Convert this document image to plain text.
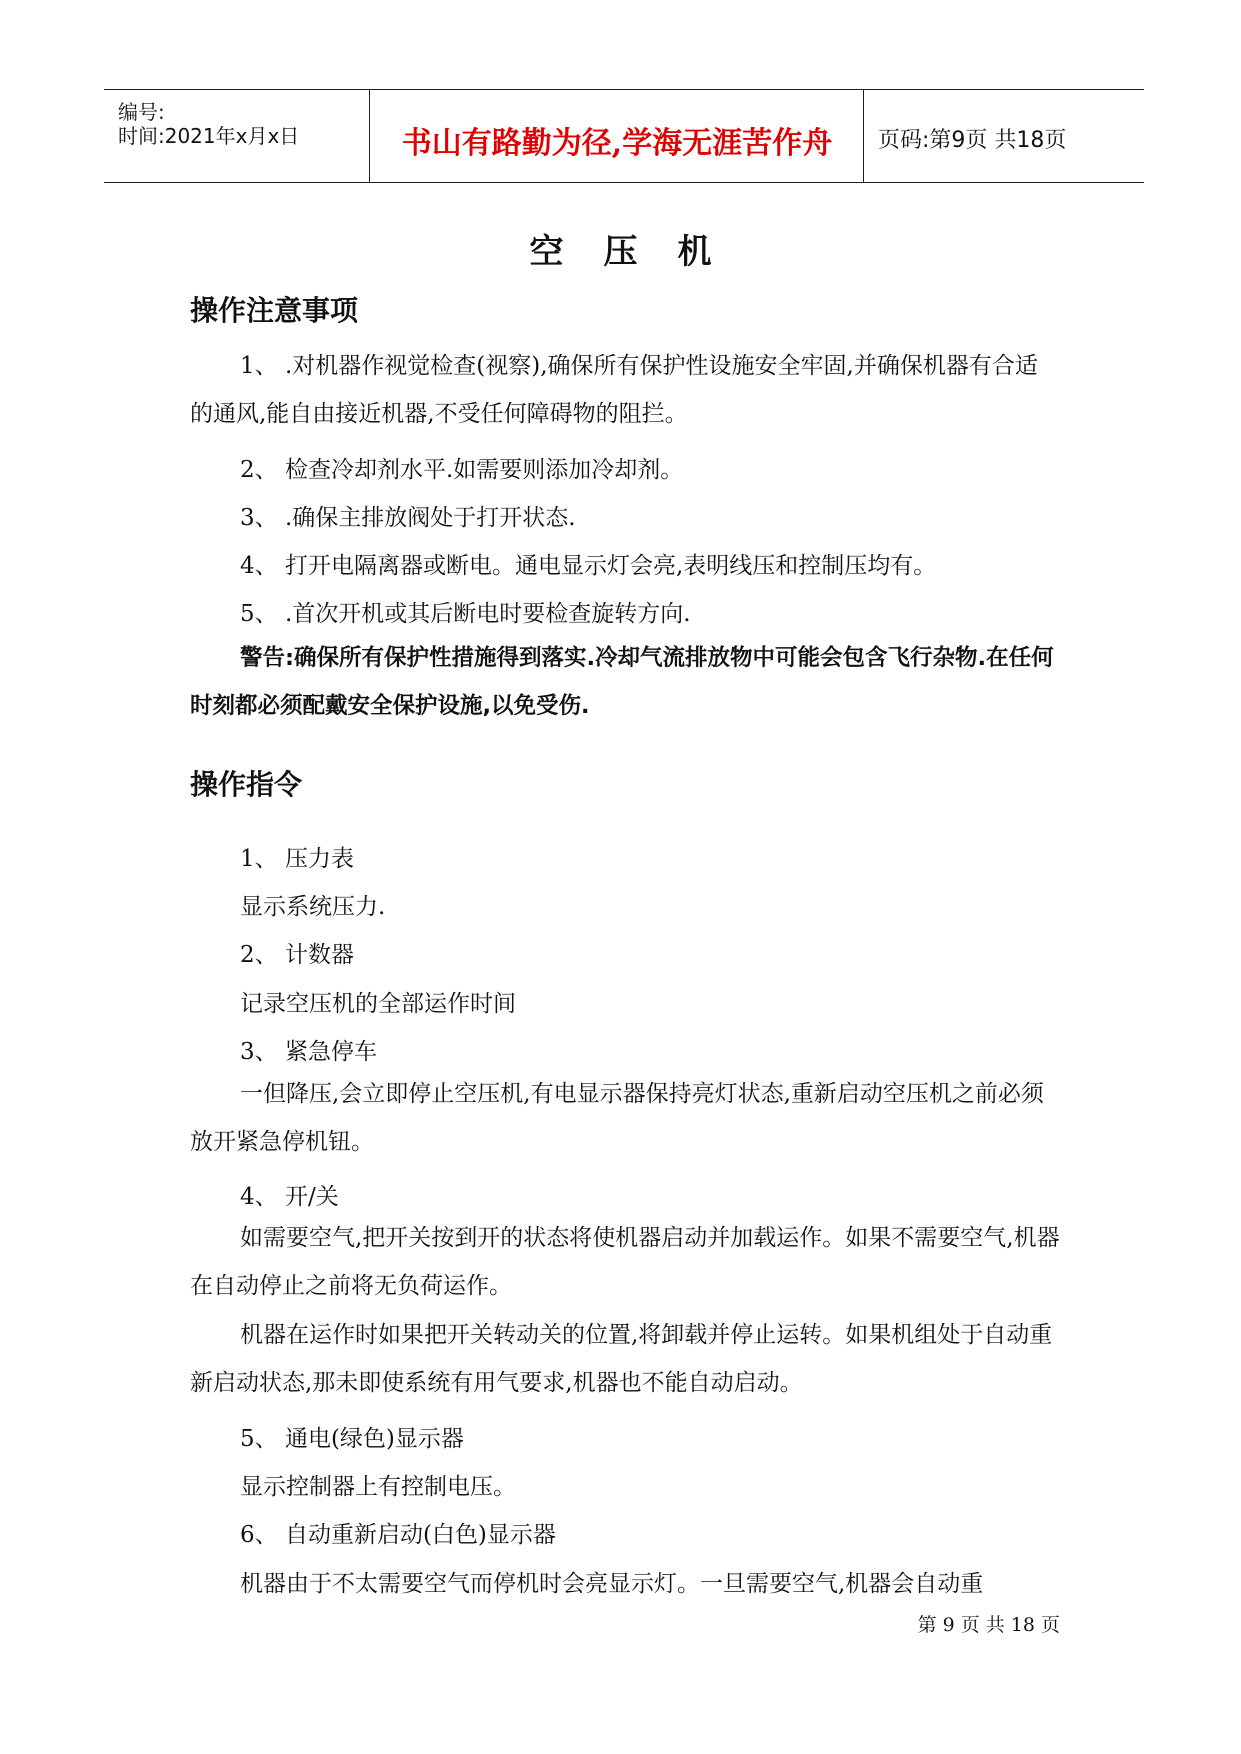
编号:
时间:2021年x月x日	书山有路勤为径,学海无涯苦作舟	页码:第9页 共18页
空压机
操作注意事项
1、 .对机器作视觉检查(视察),确保所有保护性设施安全牢固,并确保机器有合适的通风,能自由接近机器,不受任何障碍物的阻拦。
2、 检查冷却剂水平.如需要则添加冷却剂。
3、 .确保主排放阀处于打开状态.
4、 打开电隔离器或断电。通电显示灯会亮,表明线压和控制压均有。
5、 .首次开机或其后断电时要检查旋转方向.
警告:确保所有保护性措施得到落实.冷却气流排放物中可能会包含飞行杂物.在任何时刻都必须配戴安全保护设施,以免受伤.
操作指令
1、 压力表
显示系统压力.
2、 计数器
记录空压机的全部运作时间
3、 紧急停车
一但降压,会立即停止空压机,有电显示器保持亮灯状态,重新启动空压机之前必须放开紧急停机钮。
4、 开/关
如需要空气,把开关按到开的状态将使机器启动并加载运作。如果不需要空气,机器在自动停止之前将无负荷运作。
机器在运作时如果把开关转动关的位置,将卸载并停止运转。如果机组处于自动重新启动状态,那未即使系统有用气要求,机器也不能自动启动。
5、 通电(绿色)显示器
显示控制器上有控制电压。
6、 自动重新启动(白色)显示器
机器由于不太需要空气而停机时会亮显示灯。一旦需要空气,机器会自动重
第 9 页 共 18 页
